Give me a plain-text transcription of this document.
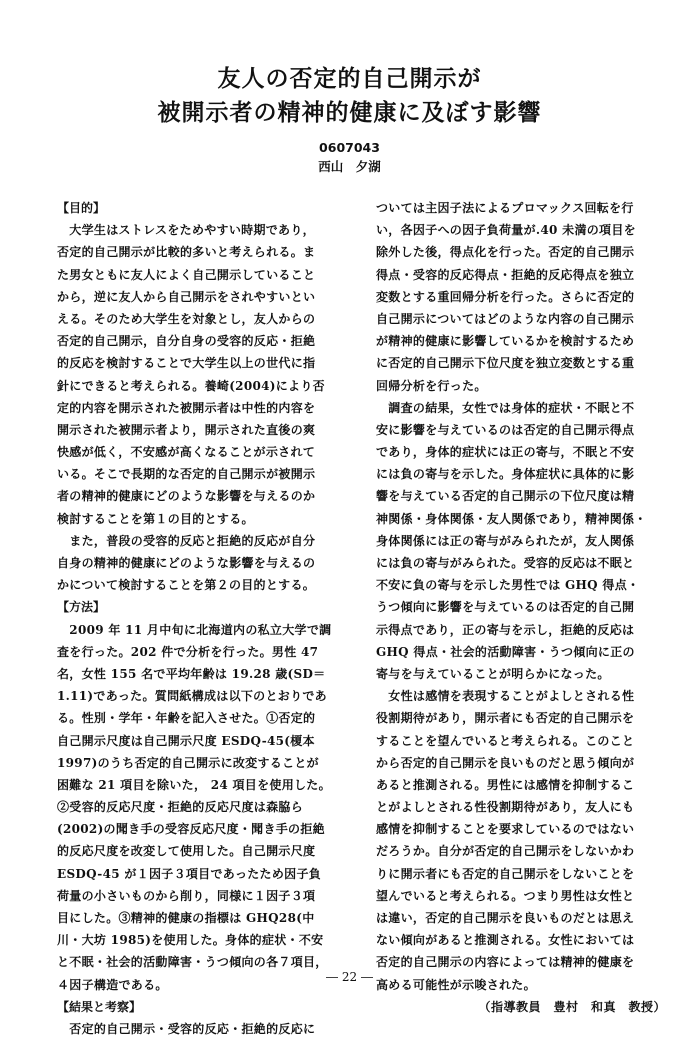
友人の否定的自己開示が
被開示者の精神的健康に及ぼす影響
0607043
西山　夕湖
【目的】
　大学生はストレスをためやすい時期であり，
否定的自己開示が比較的多いと考えられる。ま
た男女ともに友人によく自己開示していること
から，逆に友人から自己開示をされやすいとい
える。そのため大学生を対象とし，友人からの
否定的自己開示，自分自身の受容的反応・拒絶
的反応を検討することで大学生以上の世代に指
針にできると考えられる。養崎(2004)により否
定的内容を開示された被開示者は中性的内容を
開示された被開示者より，開示された直後の爽
快感が低く，不安感が高くなることが示されて
いる。そこで長期的な否定的自己開示が被開示
者の精神的健康にどのような影響を与えるのか
検討することを第１の目的とする。
　また，普段の受容的反応と拒絶的反応が自分
自身の精神的健康にどのような影響を与えるの
かについて検討することを第２の目的とする。
【方法】
　2009 年 11 月中旬に北海道内の私立大学で調
査を行った。202 件で分析を行った。男性 47
名，女性 155 名で平均年齢は 19.28 歳(SD＝
1.11)であった。質問紙構成は以下のとおりであ
る。性別・学年・年齢を記入させた。①否定的
自己開示尺度は自己開示尺度 ESDQ-45(榎本
1997)のうち否定的自己開示に改変することが
困難な 21 項目を除いた， 24 項目を使用した。
②受容的反応尺度・拒絶的反応尺度は森脇ら
(2002)の聞き手の受容反応尺度・聞き手の拒絶
的反応尺度を改変して使用した。自己開示尺度
ESDQ-45 が１因子３項目であったため因子負
荷量の小さいものから削り，同様に１因子３項
目にした。③精神的健康の指標は GHQ28(中
川・大坊 1985)を使用した。身体的症状・不安
と不眠・社会的活動障害・うつ傾向の各７項目，
４因子構造である。
【結果と考察】
　否定的自己開示・受容的反応・拒絶的反応に
ついては主因子法によるプロマックス回転を行
い，各因子への因子負荷量が.40 未満の項目を
除外した後，得点化を行った。否定的自己開示
得点・受容的反応得点・拒絶的反応得点を独立
変数とする重回帰分析を行った。さらに否定的
自己開示についてはどのような内容の自己開示
が精神的健康に影響しているかを検討するため
に否定的自己開示下位尺度を独立変数とする重
回帰分析を行った。
　調査の結果，女性では身体的症状・不眠と不
安に影響を与えているのは否定的自己開示得点
であり，身体的症状には正の寄与，不眠と不安
には負の寄与を示した。身体症状に具体的に影
響を与えている否定的自己開示の下位尺度は精
神関係・身体関係・友人関係であり，精神関係・
身体関係には正の寄与がみられたが，友人関係
には負の寄与がみられた。受容的反応は不眠と
不安に負の寄与を示した男性では GHQ 得点・
うつ傾向に影響を与えているのは否定的自己開
示得点であり，正の寄与を示し，拒絶的反応は
GHQ 得点・社会的活動障害・うつ傾向に正の
寄与を与えていることが明らかになった。
　女性は感情を表現することがよしとされる性
役割期待があり，開示者にも否定的自己開示を
することを望んでいると考えられる。このこと
から否定的自己開示を良いものだと思う傾向が
あると推測される。男性には感情を抑制するこ
とがよしとされる性役割期待があり，友人にも
感情を抑制することを要求しているのではない
だろうか。自分が否定的自己開示をしないかわ
りに開示者にも否定的自己開示をしないことを
望んでいると考えられる。つまり男性は女性と
は違い，否定的自己開示を良いものだとは思え
ない傾向があると推測される。女性においては
否定的自己開示の内容によっては精神的健康を
高める可能性が示唆された。
（指導教員　豊村　和真　教授）
― 22 ―
